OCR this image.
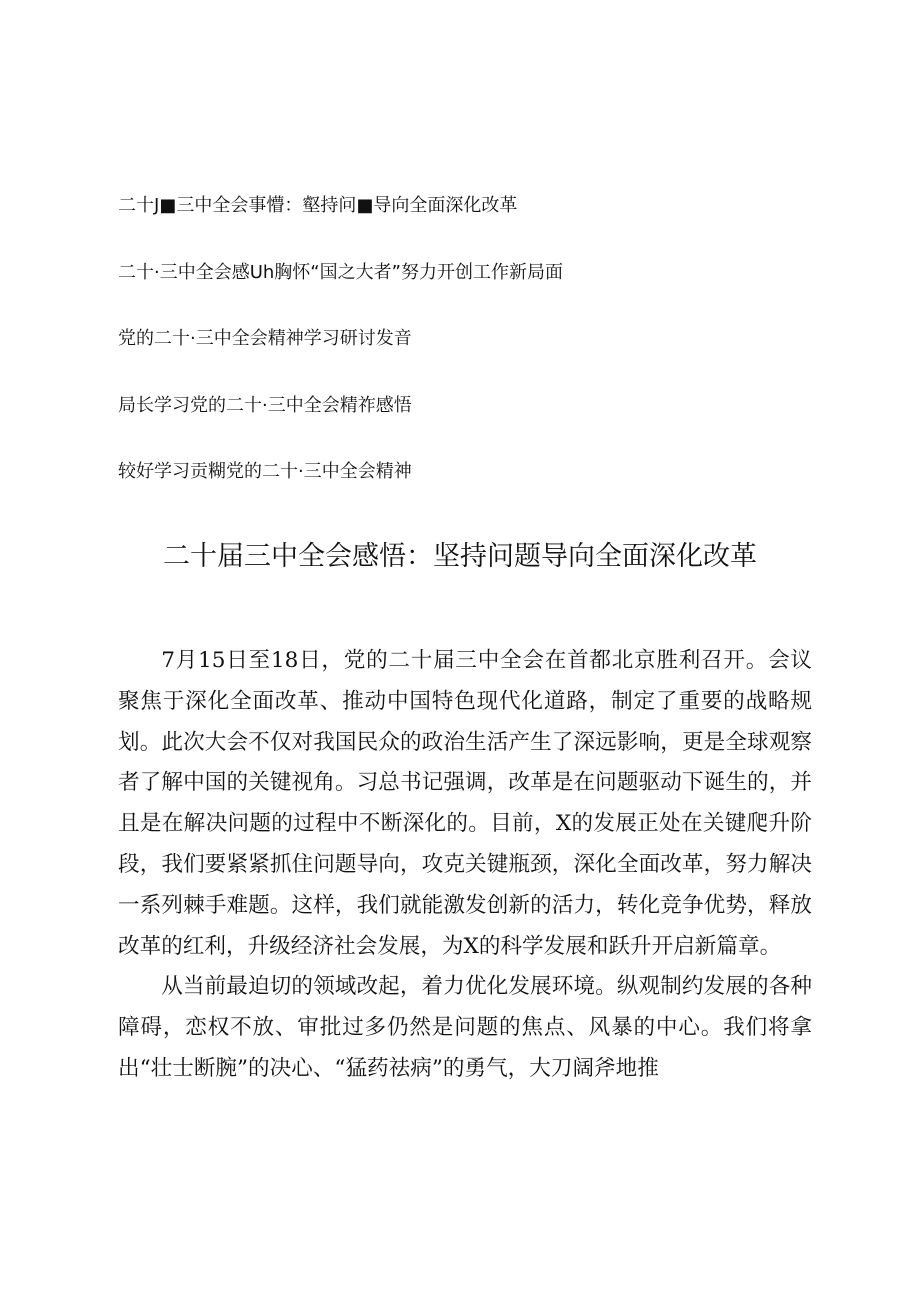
二十J■三中全会事懵：壑持问■导向全面深化改革
二十·三中全会感Uh胸怀“国之大者”努力开创工作新局面
党的二十·三中全会精神学习研讨发音
局长学习党的二十·三中全会精祚感悟
较好学习贡糊党的二十·三中全会精神
二十届三中全会感悟：坚持问题导向全面深化改革

7月15日至18日，党的二十届三中全会在首都北京胜利召开。会议聚焦于深化全面改革、推动中国特色现代化道路，制定了重要的战略规划。此次大会不仅对我国民众的政治生活产生了深远影响，更是全球观察者了解中国的关键视角。习总书记强调，改革是在问题驱动下诞生的，并且是在解决问题的过程中不断深化的。目前，X的发展正处在关键爬升阶段，我们要紧紧抓住问题导向，攻克关键瓶颈，深化全面改革，努力解决一系列棘手难题。这样，我们就能激发创新的活力，转化竞争优势，释放改革的红利，升级经济社会发展，为X的科学发展和跃升开启新篇章。

从当前最迫切的领域改起，着力优化发展环境。纵观制约发展的各种障碍，恋权不放、审批过多仍然是问题的焦点、风暴的中心。我们将拿出“壮士断腕”的决心、“猛药祛病”的勇气，大刀阔斧地推
